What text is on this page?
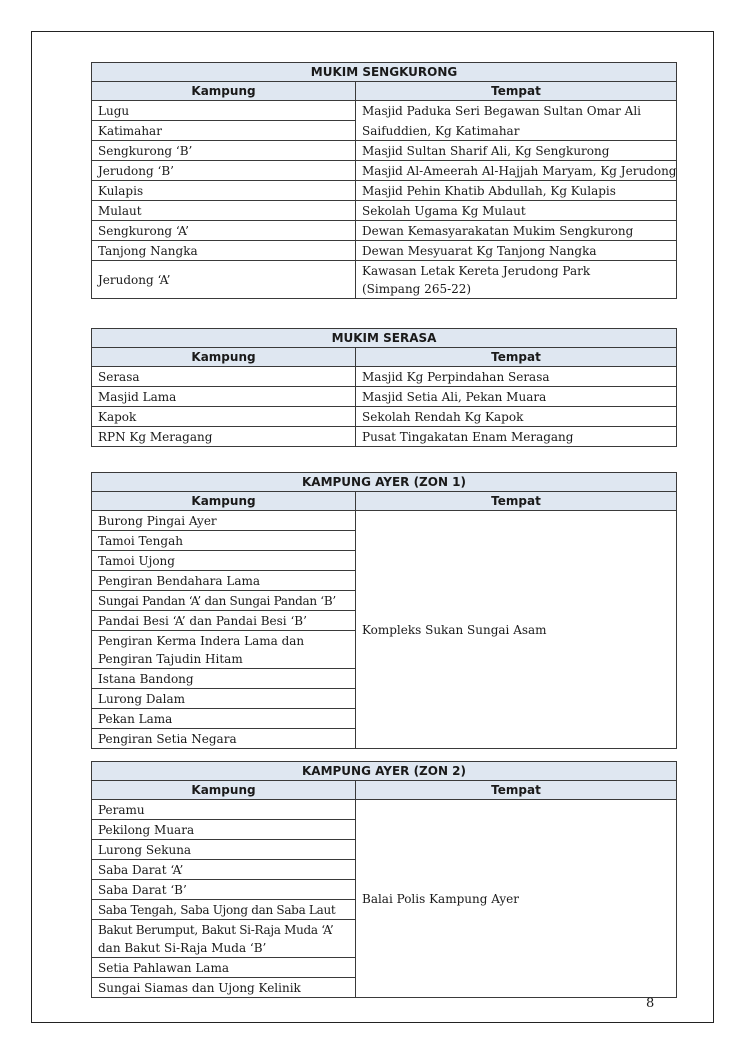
MUKIM SENGKURONG	
Kampung	Tempat
Lugu	Masjid Paduka Seri Begawan Sultan Omar Ali
Katimahar	Saifuddien, Kg Katimahar
Sengkurong ‘B’	Masjid Sultan Sharif Ali, Kg Sengkurong
Jerudong ‘B’	Masjid Al-Ameerah Al-Hajjah Maryam, Kg Jerudong
Kulapis	Masjid Pehin Khatib Abdullah, Kg Kulapis
Mulaut	Sekolah Ugama Kg Mulaut
Sengkurong ‘A’	Dewan Kemasyarakatan Mukim Sengkurong
Tanjong Nangka	Dewan Mesyuarat Kg Tanjong Nangka
Jerudong ‘A’	Kawasan Letak Kereta Jerudong Park
(Simpang 265-22)
MUKIM SERASA	
Kampung	Tempat
Serasa	Masjid Kg Perpindahan Serasa
Masjid Lama	Masjid Setia Ali, Pekan Muara
Kapok	Sekolah Rendah Kg Kapok
RPN Kg Meragang	Pusat Tingakatan Enam Meragang
KAMPUNG AYER (ZON 1)	
Kampung	Tempat
Burong Pingai Ayer	Kompleks Sukan Sungai Asam
Tamoi Tengah	
Tamoi Ujong	
Pengiran Bendahara Lama	
Sungai Pandan ‘A’ dan Sungai Pandan ‘B’	
Pandai Besi ‘A’ dan Pandai Besi ‘B’	

Pengiran Kerma Indera Lama dan
Pengiran Tajudin Hitam	

Istana Bandong	
Lurong Dalam	
Pekan Lama	
Pengiran Setia Negara	
KAMPUNG AYER (ZON 2)	
Kampung	Tempat
Peramu	Balai Polis Kampung Ayer
Pekilong Muara	
Lurong Sekuna	
Saba Darat ‘A’	
Saba Darat ‘B’	
Saba Tengah, Saba Ujong dan Saba Laut	

Bakut Berumput, Bakut Si-Raja Muda ‘A’
dan Bakut Si-Raja Muda ‘B’	

Setia Pahlawan Lama	
Sungai Siamas dan Ujong Kelinik	
8
